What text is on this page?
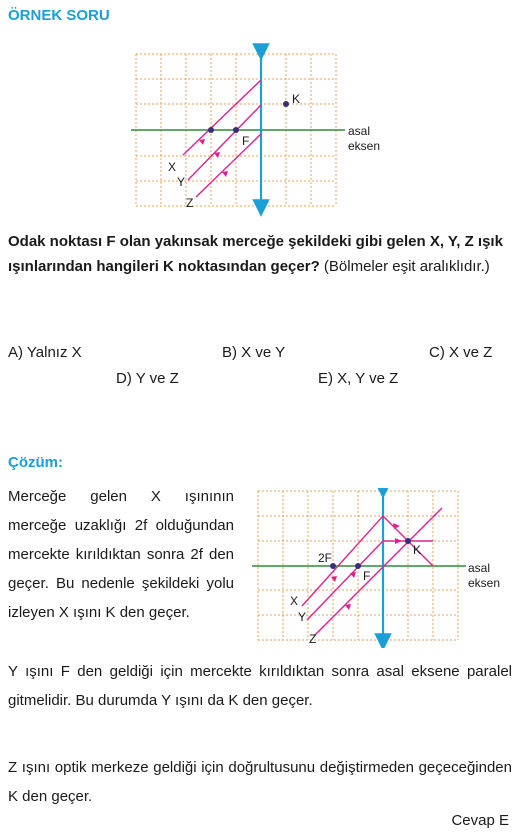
ÖRNEK SORU
K
F
X
Y
Z
asal
eksen
Odak noktası F olan yakınsak merceğe şekildeki gibi gelen X, Y, Z ışık ışınlarından hangileri K noktasından geçer? (Bölmeler eşit aralıklıdır.)
A) Yalnız X	B) X ve Y	C) X ve Z
D) Y ve Z	E) X, Y ve Z
Çözüm:
Merceğe gelen X ışınının merceğe uzaklığı 2f olduğundan mercekte kırıldıktan sonra 2f den geçer. Bu nedenle şekildeki yolu izleyen X ışını K den geçer.
2F
F
K
X
Y
Z
asal
eksen
Y ışını F den geldiği için mercekte kırıldıktan sonra asal eksene paralel gitmelidir. Bu durumda Y ışını da K den geçer.
Z ışını optik merkeze geldiği için doğrultusunu değiştirmeden geçeceğinden K den geçer.
Cevap E
